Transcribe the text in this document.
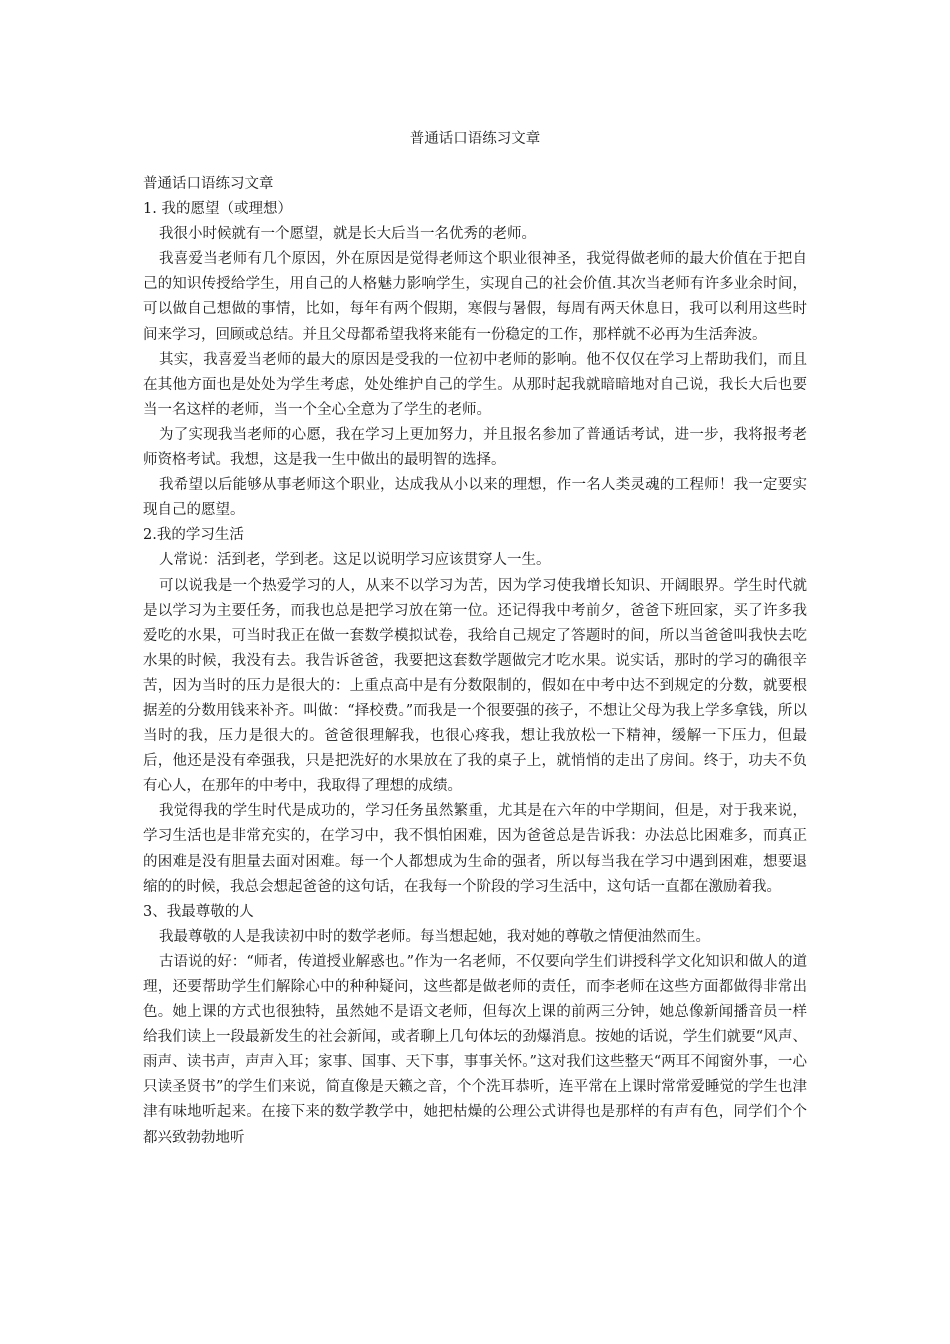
普通话口语练习文章

普通话口语练习文章

1. 我的愿望（或理想）

我很小时候就有一个愿望，就是长大后当一名优秀的老师。

我喜爱当老师有几个原因，外在原因是觉得老师这个职业很神圣，我觉得做老师的最大价值在于把自己的知识传授给学生，用自己的人格魅力影响学生，实现自己的社会价值.其次当老师有许多业余时间，可以做自己想做的事情，比如，每年有两个假期，寒假与暑假，每周有两天休息日，我可以利用这些时间来学习，回顾或总结。并且父母都希望我将来能有一份稳定的工作，那样就不必再为生活奔波。

其实，我喜爱当老师的最大的原因是受我的一位初中老师的影响。他不仅仅在学习上帮助我们，而且在其他方面也是处处为学生考虑，处处维护自己的学生。从那时起我就暗暗地对自己说，我长大后也要当一名这样的老师，当一个全心全意为了学生的老师。

为了实现我当老师的心愿，我在学习上更加努力，并且报名参加了普通话考试，进一步，我将报考老师资格考试。我想，这是我一生中做出的最明智的选择。

我希望以后能够从事老师这个职业，达成我从小以来的理想，作一名人类灵魂的工程师！我一定要实现自己的愿望。

2.我的学习生活

人常说：活到老，学到老。这足以说明学习应该贯穿人一生。

可以说我是一个热爱学习的人，从来不以学习为苦，因为学习使我增长知识、开阔眼界。学生时代就是以学习为主要任务，而我也总是把学习放在第一位。还记得我中考前夕，爸爸下班回家，买了许多我爱吃的水果，可当时我正在做一套数学模拟试卷，我给自己规定了答题时的间，所以当爸爸叫我快去吃水果的时候，我没有去。我告诉爸爸，我要把这套数学题做完才吃水果。说实话，那时的学习的确很辛苦，因为当时的压力是很大的：上重点高中是有分数限制的，假如在中考中达不到规定的分数，就要根据差的分数用钱来补齐。叫做：“择校费。”而我是一个很要强的孩子，不想让父母为我上学多拿钱，所以当时的我，压力是很大的。爸爸很理解我，也很心疼我，想让我放松一下精神，缓解一下压力，但最后，他还是没有牵强我，只是把洗好的水果放在了我的桌子上，就悄悄的走出了房间。终于，功夫不负有心人，在那年的中考中，我取得了理想的成绩。

我觉得我的学生时代是成功的，学习任务虽然繁重，尤其是在六年的中学期间，但是，对于我来说，学习生活也是非常充实的，在学习中，我不惧怕困难，因为爸爸总是告诉我：办法总比困难多，而真正的困难是没有胆量去面对困难。每一个人都想成为生命的强者，所以每当我在学习中遇到困难，想要退缩的的时候，我总会想起爸爸的这句话，在我每一个阶段的学习生活中，这句话一直都在激励着我。

3、我最尊敬的人

我最尊敬的人是我读初中时的数学老师。每当想起她，我对她的尊敬之情便油然而生。

古语说的好：“师者，传道授业解惑也。”作为一名老师，不仅要向学生们讲授科学文化知识和做人的道理，还要帮助学生们解除心中的种种疑问，这些都是做老师的责任，而李老师在这些方面都做得非常出色。她上课的方式也很独特，虽然她不是语文老师，但每次上课的前两三分钟，她总像新闻播音员一样给我们读上一段最新发生的社会新闻，或者聊上几句体坛的劲爆消息。按她的话说，学生们就要“风声、雨声、读书声，声声入耳；家事、国事、天下事，事事关怀。”这对我们这些整天“两耳不闻窗外事，一心只读圣贤书”的学生们来说，简直像是天籁之音，个个洗耳恭听，连平常在上课时常常爱睡觉的学生也津津有味地听起来。在接下来的数学教学中，她把枯燥的公理公式讲得也是那样的有声有色，同学们个个都兴致勃勃地听
